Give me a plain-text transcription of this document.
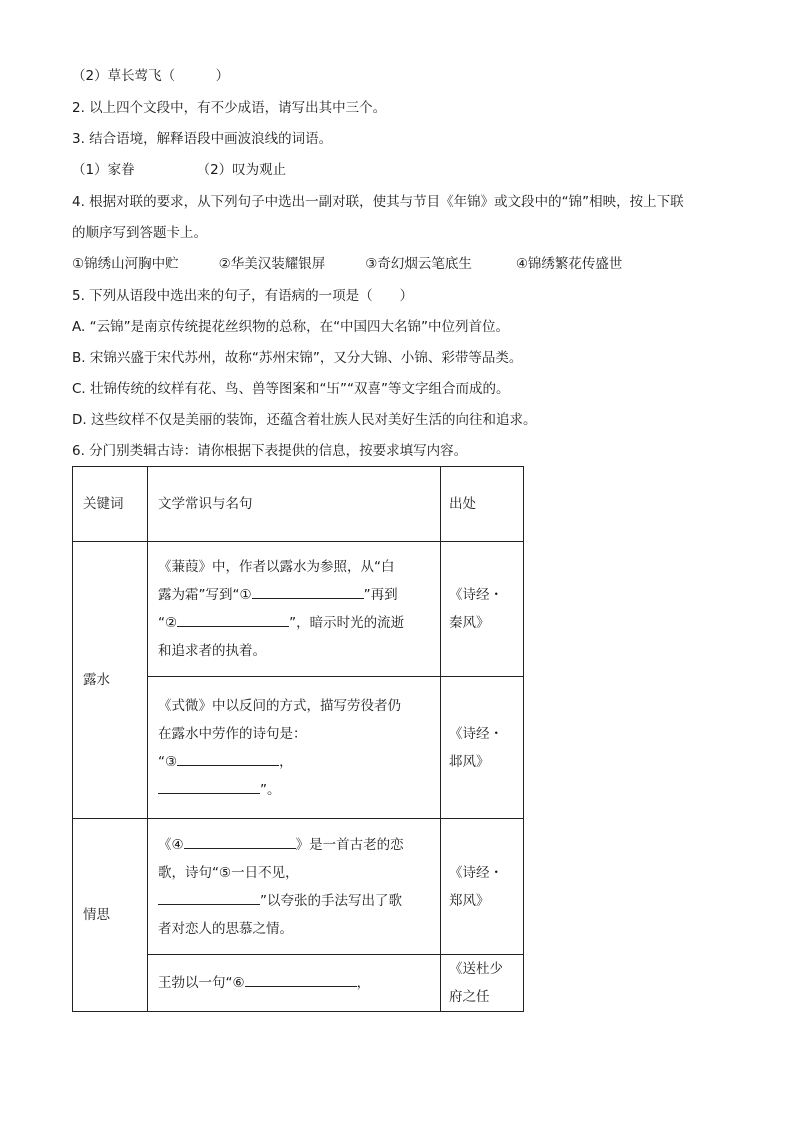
（2）草长莺飞（　　　）
2. 以上四个文段中，有不少成语，请写出其中三个。
3. 结合语境，解释语段中画波浪线的词语。
（1）家眷	（2）叹为观止
4. 根据对联的要求，从下列句子中选出一副对联，使其与节目《年锦》或文段中的“锦”相映，按上下联
的顺序写到答题卡上。
①锦绣山河胸中贮	②华美汉装耀银屏	③奇幻烟云笔底生	④锦绣繁花传盛世
5. 下列从语段中选出来的句子，有语病的一项是（　　）
A. “云锦”是南京传统提花丝织物的总称，在“中国四大名锦”中位列首位。
B. 宋锦兴盛于宋代苏州，故称“苏州宋锦”，又分大锦、小锦、彩带等品类。
C. 壮锦传统的纹样有花、鸟、兽等图案和“卐”“双喜”等文字组合而成的。
D. 这些纹样不仅是美丽的装饰，还蕴含着壮族人民对美好生活的向往和追求。
6. 分门别类辑古诗：请你根据下表提供的信息，按要求填写内容。
关键词	文学常识与名句	出处
露水	《蒹葭》中，作者以露水为参照，从“白
露为霜”写到“① ”再到
“② ”，暗示时光的流逝
和追求者的执着。	《诗经・秦风》

	《式微》中以反问的方式，描写劳役者仍
在露水中劳作的诗句是：
“③ ，
”。	《诗经・邶风》
情思	《④ 》是一首古老的恋
歌，诗句“⑤一日不见，
”以夸张的手法写出了歌
者对恋人的思慕之情。	《诗经・郑风》

	王勃以一句“⑥ ，	《送杜少府之任
